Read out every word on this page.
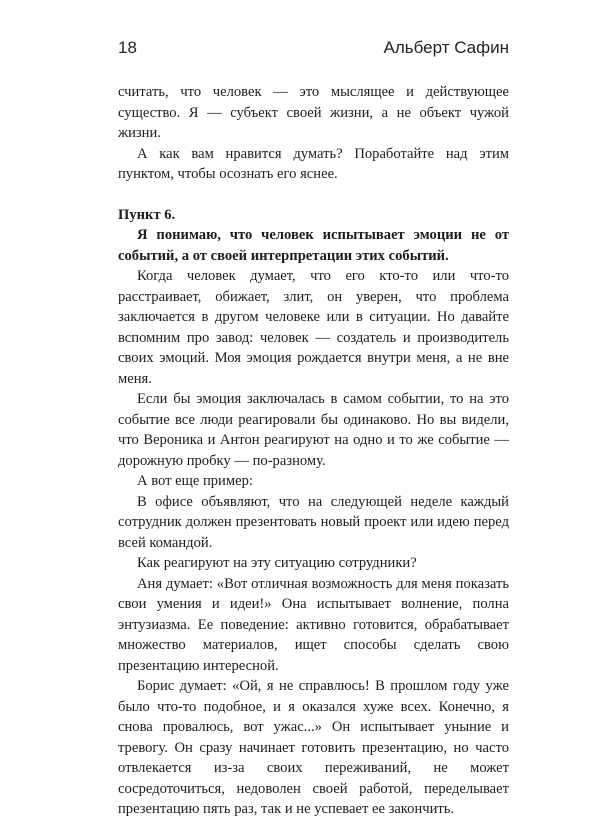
18	Альберт Сафин

считать, что человек — это мыслящее и действующее существо. Я — субъект своей жизни, а не объект чужой жизни.

А как вам нравится думать? Поработайте над этим пунктом, чтобы осознать его яснее.

Пункт 6.

Я понимаю, что человек испытывает эмоции не от событий, а от своей интерпретации этих событий.

Когда человек думает, что его кто-то или что-то расстраивает, обижает, злит, он уверен, что проблема заключается в другом человеке или в ситуации. Но давайте вспомним про завод: человек — создатель и производитель своих эмоций. Моя эмоция рождается внутри меня, а не вне меня.

Если бы эмоция заключалась в самом событии, то на это событие все люди реагировали бы одинаково. Но вы видели, что Вероника и Антон реагируют на одно и то же событие — дорожную пробку — по-разному.

А вот еще пример:

В офисе объявляют, что на следующей неделе каждый сотрудник должен презентовать новый проект или идею перед всей командой.

Как реагируют на эту ситуацию сотрудники?

Аня думает: «Вот отличная возможность для меня показать свои умения и идеи!» Она испытывает волнение, полна энтузиазма. Ее поведение: активно готовится, обрабатывает множество материалов, ищет способы сделать свою презентацию интересной.

Борис думает: «Ой, я не справлюсь! В прошлом году уже было что-то подобное, и я оказался хуже всех. Конечно, я снова провалюсь, вот ужас...» Он испытывает уныние и тревогу. Он сразу начинает готовить презентацию, но часто отвлекается из-за своих переживаний, не может сосредоточиться, недоволен своей работой, переделывает презентацию пять раз, так и не успевает ее закончить.
